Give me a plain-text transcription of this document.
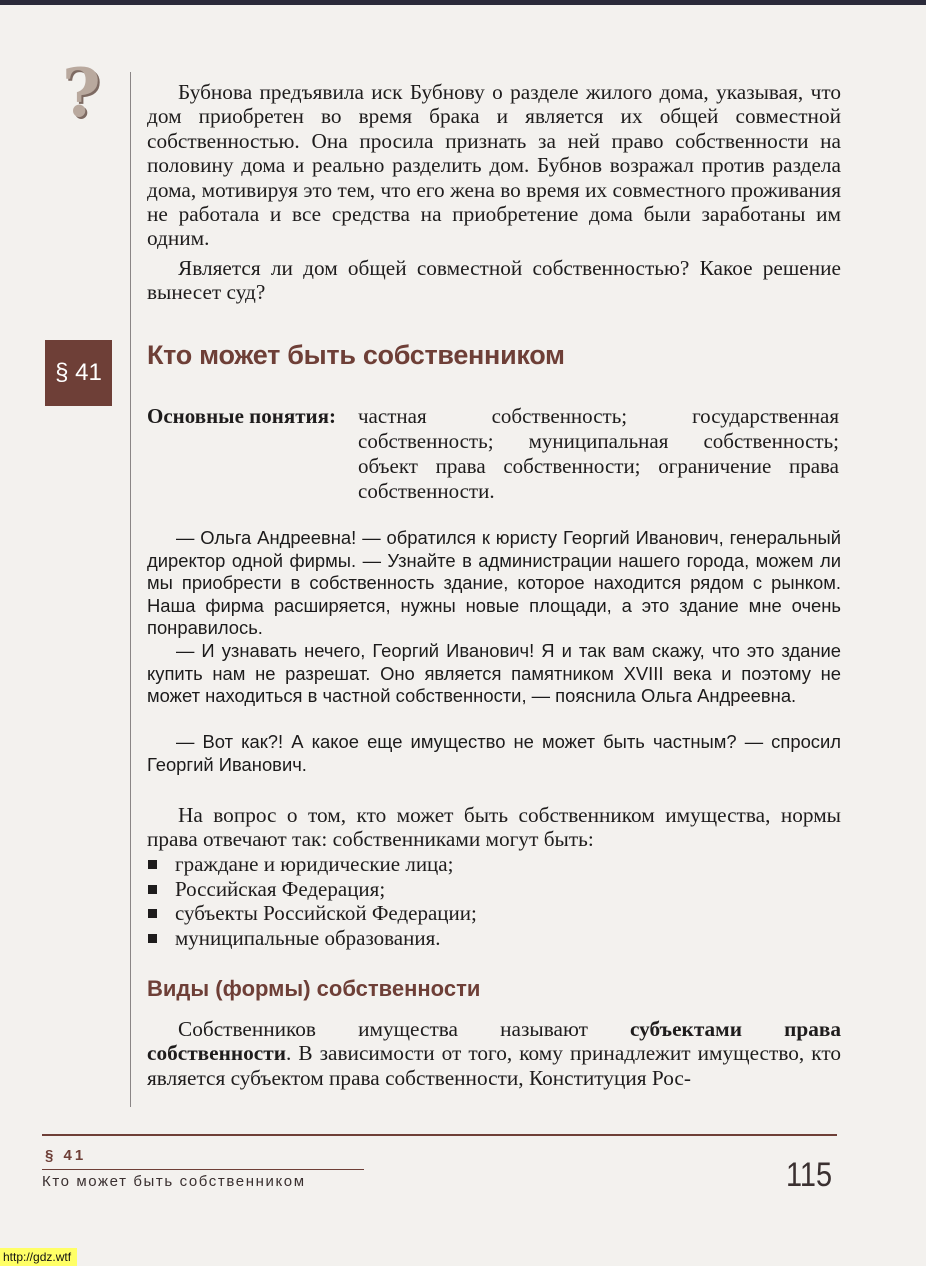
?	Бубнова предъявила иск Бубнову о разделе жилого дома, указывая, что дом приобретен во время брака и является их общей совместной собственностью. Она просила признать за ней право собственности на половину дома и реально разделить дом. Бубнов возражал против раздела дома, мотивируя это тем, что его жена во время их совместного проживания не работала и все средства на приобретение дома были заработаны им одним.

Является ли дом общей совместной собственностью? Какое решение вынесет суд?

§ 41
Кто может быть собственником
Основные понятия: частная собственность; государственная собственность; муниципальная собственность; объект права собственности; ограничение права собственности.

— Ольга Андреевна! — обратился к юристу Георгий Иванович, генеральный директор одной фирмы. — Узнайте в администрации нашего города, можем ли мы приобрести в собственность здание, которое находится рядом с рынком. Наша фирма расширяется, нужны новые площади, а это здание мне очень понравилось.

— И узнавать нечего, Георгий Иванович! Я и так вам скажу, что это здание купить нам не разрешат. Оно является памятником XVIII века и поэтому не может находиться в частной собственности, — пояснила Ольга Андреевна.

— Вот как?! А какое еще имущество не может быть частным? — спросил Георгий Иванович.

На вопрос о том, кто может быть собственником имущества, нормы права отвечают так: собственниками могут быть:

граждане и юридические лица;
Российская Федерация;
субъекты Российской Федерации;
муниципальные образования.
Виды (формы) собственности

Собственников имущества называют субъектами права собственности. В зависимости от того, кому принадлежит имущество, кто является субъектом права собственности, Конституция Рос-

§ 41
Кто может быть собственником	115
http://gdz.wtf
